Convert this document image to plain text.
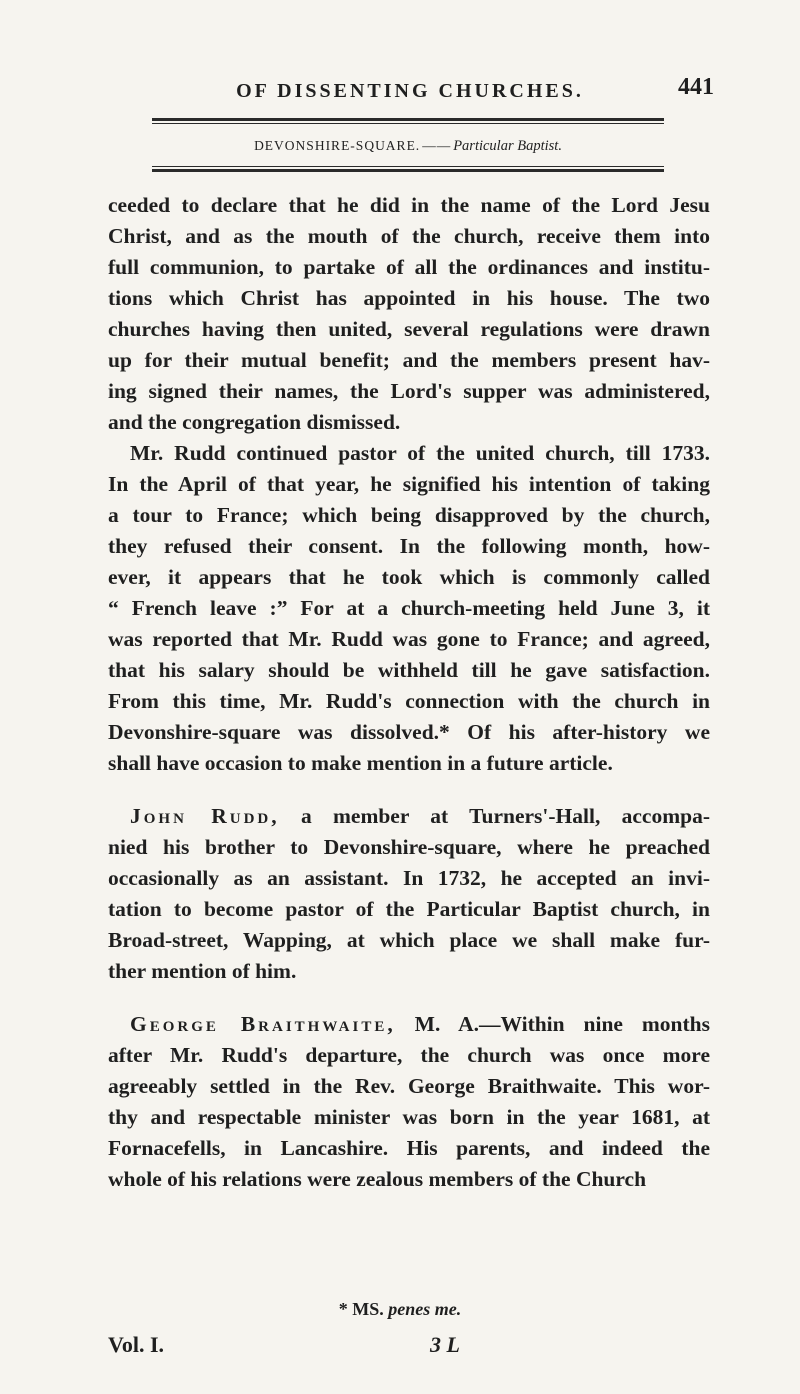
OF DISSENTING CHURCHES.	441
DEVONSHIRE-SQUARE. —— Particular Baptist.
ceeded to declare that he did in the name of the Lord Jesu
Christ, and as the mouth of the church, receive them into
full communion, to partake of all the ordinances and institu-
tions which Christ has appointed in his house. The two
churches having then united, several regulations were drawn
up for their mutual benefit; and the members present hav-
ing signed their names, the Lord's supper was administered,
and the congregation dismissed.
Mr. Rudd continued pastor of the united church, till 1733.
In the April of that year, he signified his intention of taking
a tour to France; which being disapproved by the church,
they refused their consent. In the following month, how-
ever, it appears that he took which is commonly called
“ French leave :” For at a church-meeting held June 3, it
was reported that Mr. Rudd was gone to France; and agreed,
that his salary should be withheld till he gave satisfaction.
From this time, Mr. Rudd's connection with the church in
Devonshire-square was dissolved.* Of his after-history we
shall have occasion to make mention in a future article.
John Rudd, a member at Turners'-Hall, accompa-
nied his brother to Devonshire-square, where he preached
occasionally as an assistant. In 1732, he accepted an invi-
tation to become pastor of the Particular Baptist church, in
Broad-street, Wapping, at which place we shall make fur-
ther mention of him.
George Braithwaite, M. A.—Within nine months
after Mr. Rudd's departure, the church was once more
agreeably settled in the Rev. George Braithwaite. This wor-
thy and respectable minister was born in the year 1681, at
Fornacefells, in Lancashire. His parents, and indeed the
whole of his relations were zealous members of the Church
* MS. penes me.
Vol. I.	3 L
